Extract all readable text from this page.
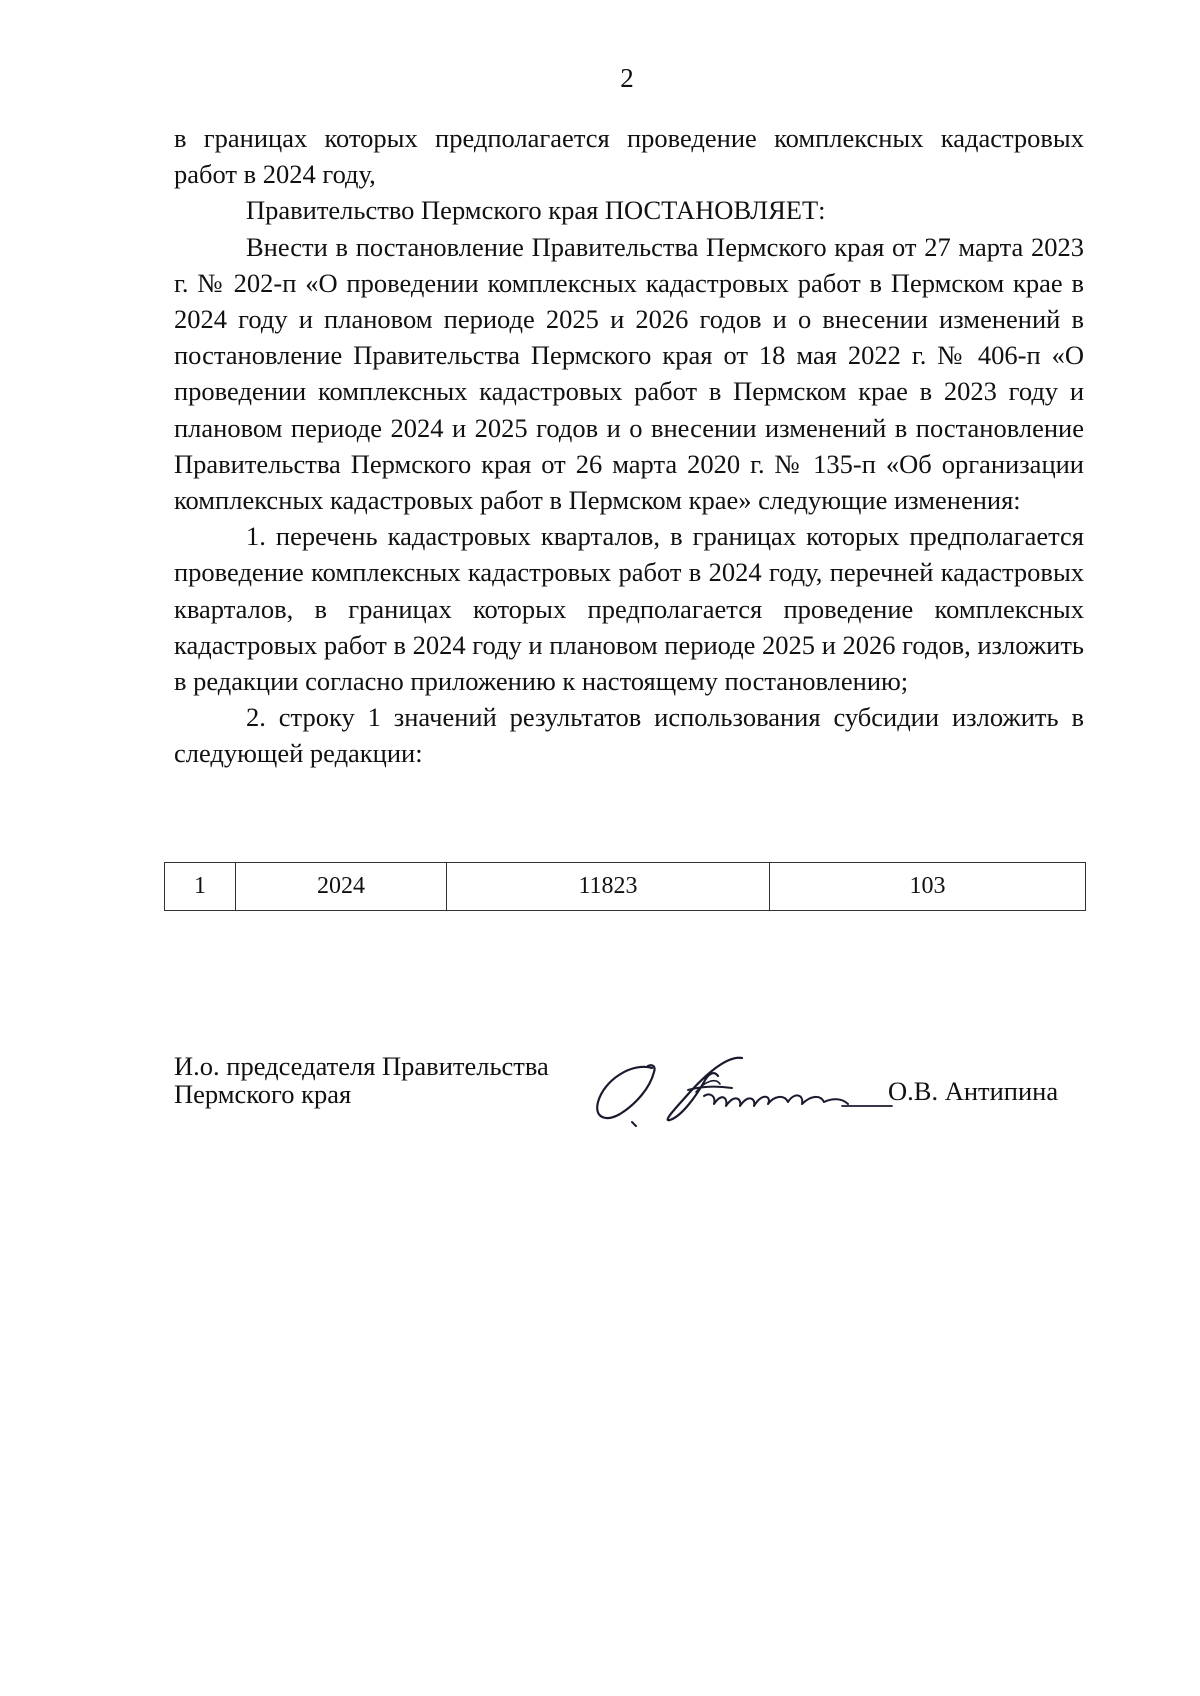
2

в границах которых предполагается проведение комплексных кадастровых работ в 2024 году,

Правительство Пермского края ПОСТАНОВЛЯЕТ:

Внести в постановление Правительства Пермского края от 27 марта 2023 г. № 202-п «О проведении комплексных кадастровых работ в Пермском крае в 2024 году и плановом периоде 2025 и 2026 годов и о внесении изменений в постановление Правительства Пермского края от 18 мая 2022 г. № 406-п «О проведении комплексных кадастровых работ в Пермском крае в 2023 году и плановом периоде 2024 и 2025 годов и о внесении изменений в постановление Правительства Пермского края от 26 марта 2020 г. № 135-п «Об организации комплексных кадастровых работ в Пермском крае» следующие изменения:

1. перечень кадастровых кварталов, в границах которых предполагается проведение комплексных кадастровых работ в 2024 году, перечней кадастровых кварталов, в границах которых предполагается проведение комплексных кадастровых работ в 2024 году и плановом периоде 2025 и 2026 годов, изложить в редакции согласно приложению к настоящему постановлению;

2. строку 1 значений результатов использования субсидии изложить в следующей редакции:

1	2024	11823	103
И.о. председателя Правительства
Пермского края	О.В. Антипина
